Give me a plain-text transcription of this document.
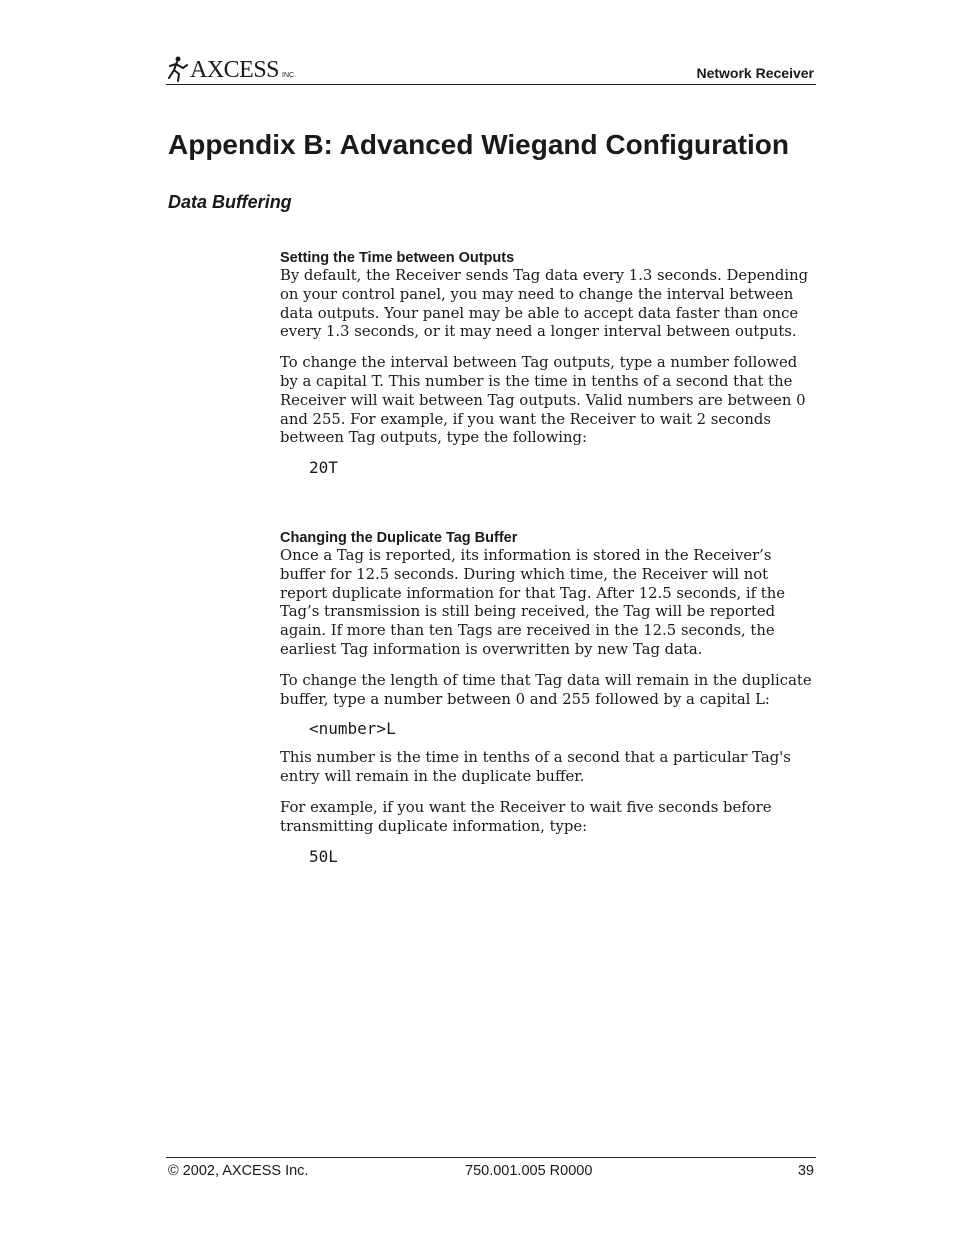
AXCESS INC.	Network Receiver
Appendix B: Advanced Wiegand Configuration
Data Buffering
Setting the Time between Outputs

By default, the Receiver sends Tag data every 1.3 seconds. Depending on your control panel, you may need to change the interval between data outputs. Your panel may be able to accept data faster than once every 1.3 seconds, or it may need a longer interval between outputs.

To change the interval between Tag outputs, type a number followed by a capital T. This number is the time in tenths of a second that the Receiver will wait between Tag outputs. Valid numbers are between 0 and 255. For example, if you want the Receiver to wait 2 seconds between Tag outputs, type the following:

20T
Changing the Duplicate Tag Buffer

Once a Tag is reported, its information is stored in the Receiver’s buffer for 12.5 seconds. During which time, the Receiver will not report duplicate information for that Tag. After 12.5 seconds, if the Tag’s transmission is still being received, the Tag will be reported again. If more than ten Tags are received in the 12.5 seconds, the earliest Tag information is overwritten by new Tag data.

To change the length of time that Tag data will remain in the duplicate buffer, type a number between 0 and 255 followed by a capital L:

<number>L

This number is the time in tenths of a second that a particular Tag's entry will remain in the duplicate buffer.

For example, if you want the Receiver to wait five seconds before transmitting duplicate information, type:

50L
© 2002, AXCESS Inc.	750.001.005 R0000	39
